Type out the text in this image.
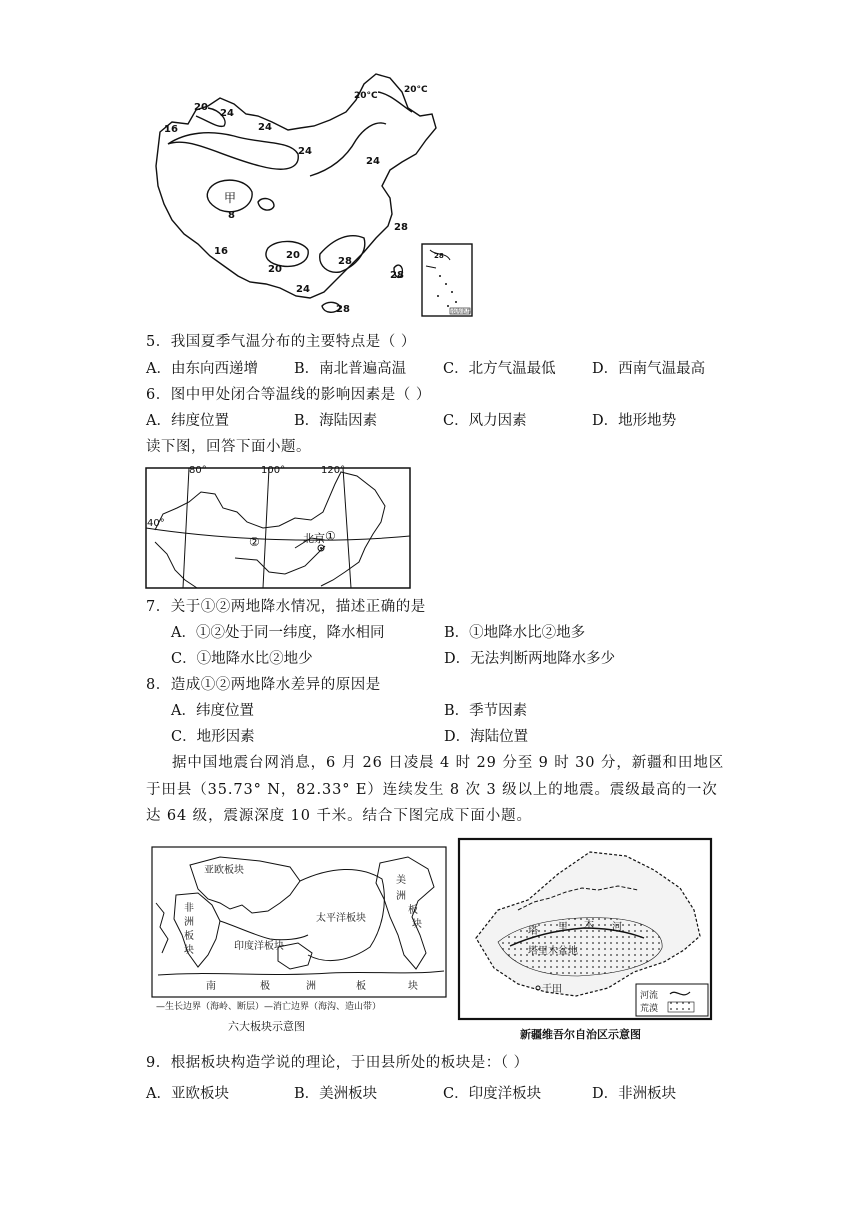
20
24
16	24
20°C
20°C
24
24
甲
8
28
16
20
20
28
24
28
28
28
南海诸岛
5．我国夏季气温分布的主要特点是（ ）
A．由东向西递增 B．南北普遍高温	C．北方气温最低	D．西南气温最高
6．图中甲处闭合等温线的影响因素是（ ）
A．纬度位置	B．海陆因素	C．风力因素	D．地形地势
读下图，回答下面小题。
80°	100°	120°
40°
②	①
北京
7．关于①②两地降水情况，描述正确的是
A．①②处于同一纬度，降水相同	B．①地降水比②地多
C．①地降水比②地少	D．无法判断两地降水多少
8．造成①②两地降水差异的原因是
A．纬度位置	B．季节因素
C．地形因素	D．海陆位置
据中国地震台网消息，6 月 26 日凌晨 4 时 29 分至 9 时 30 分，新疆和田地区
于田县（35.73° N，82.33° E）连续发生 8 次 3 级以上的地震。震级最高的一次
达 64 级，震源深度 10 千米。结合下图完成下面小题。
亚欧板块
非
洲
板
块	印度洋板块
太平洋板块
美
洲
板
块
南	极	洲	板	块
—生长边界（海岭、断层）—消亡边界（海沟、造山带）
六大板块示意图
塔 里 木 河
塔里木盆地
于田
河流
荒漠
新疆维吾尔自治区示意图
9．根据板块构造学说的理论，于田县所处的板块是：（ ）
A．亚欧板块	B．美洲板块	C．印度洋板块	D．非洲板块
